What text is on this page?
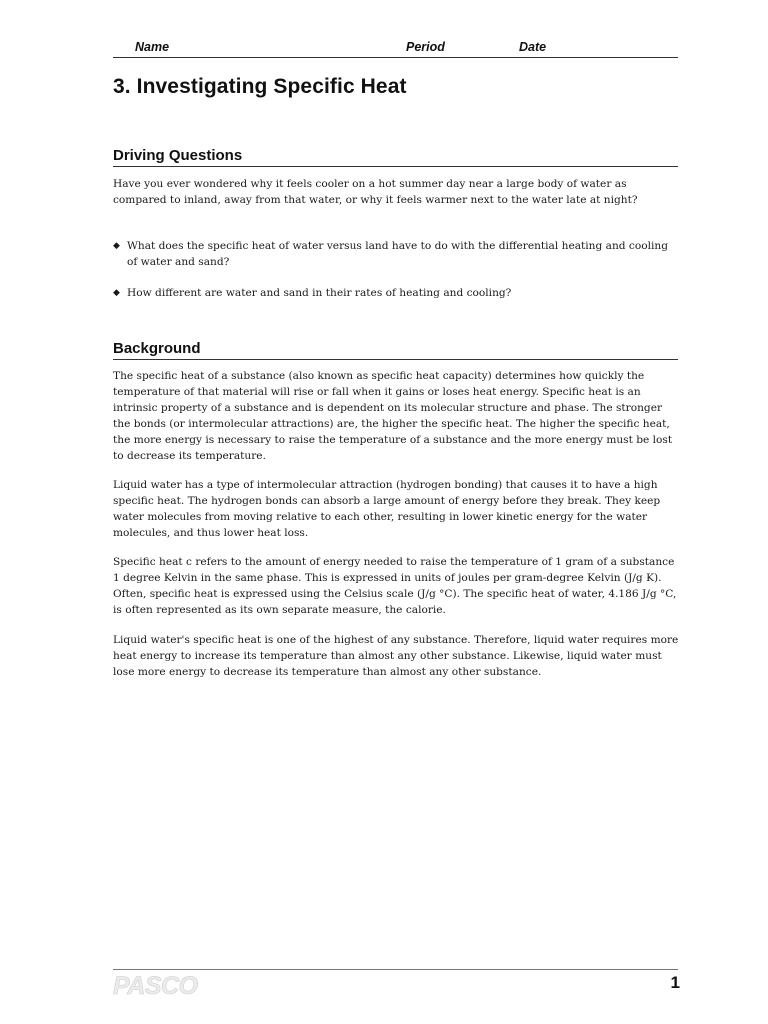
Name	Period	Date
3. Investigating Specific Heat
Driving Questions

Have you ever wondered why it feels cooler on a hot summer day near a large body of water as compared to inland, away from that water, or why it feels warmer next to the water late at night?

◆ What does the specific heat of water versus land have to do with the differential heating and cooling of water and sand?
◆ How different are water and sand in their rates of heating and cooling?
Background

The specific heat of a substance (also known as specific heat capacity) determines how quickly the temperature of that material will rise or fall when it gains or loses heat energy. Specific heat is an intrinsic property of a substance and is dependent on its molecular structure and phase. The stronger the bonds (or intermolecular attractions) are, the higher the specific heat. The higher the specific heat, the more energy is necessary to raise the temperature of a substance and the more energy must be lost to decrease its temperature.

Liquid water has a type of intermolecular attraction (hydrogen bonding) that causes it to have a high specific heat. The hydrogen bonds can absorb a large amount of energy before they break. They keep water molecules from moving relative to each other, resulting in lower kinetic energy for the water molecules, and thus lower heat loss.

Specific heat c refers to the amount of energy needed to raise the temperature of 1 gram of a substance 1 degree Kelvin in the same phase. This is expressed in units of joules per gram-degree Kelvin (J/g K). Often, specific heat is expressed using the Celsius scale (J/g °C). The specific heat of water, 4.186 J/g °C, is often represented as its own separate measure, the calorie.

Liquid water's specific heat is one of the highest of any substance. Therefore, liquid water requires more heat energy to increase its temperature than almost any other substance. Likewise, liquid water must lose more energy to decrease its temperature than almost any other substance.

PASCO	1
